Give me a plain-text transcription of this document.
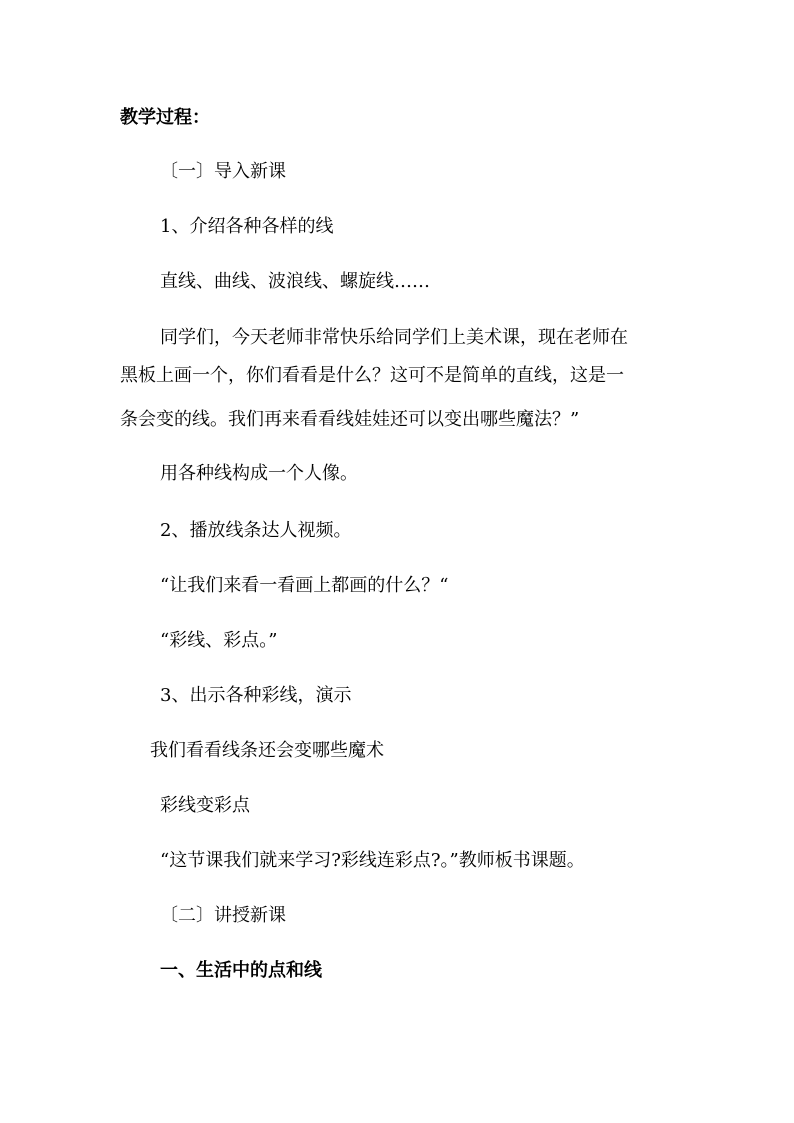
教学过程：
〔一〕导入新课
1、介绍各种各样的线
直线、曲线、波浪线、螺旋线……
同学们，今天老师非常快乐给同学们上美术课，现在老师在
黑板上画一个，你们看看是什么？这可不是简单的直线，这是一
条会变的线。我们再来看看线娃娃还可以变出哪些魔法？”
用各种线构成一个人像。
2、播放线条达人视频。
“让我们来看一看画上都画的什么？“
“彩线、彩点。”
3、出示各种彩线，演示
我们看看线条还会变哪些魔术
彩线变彩点
“这节课我们就来学习?彩线连彩点?。”教师板书课题。
〔二〕讲授新课
一、生活中的点和线
